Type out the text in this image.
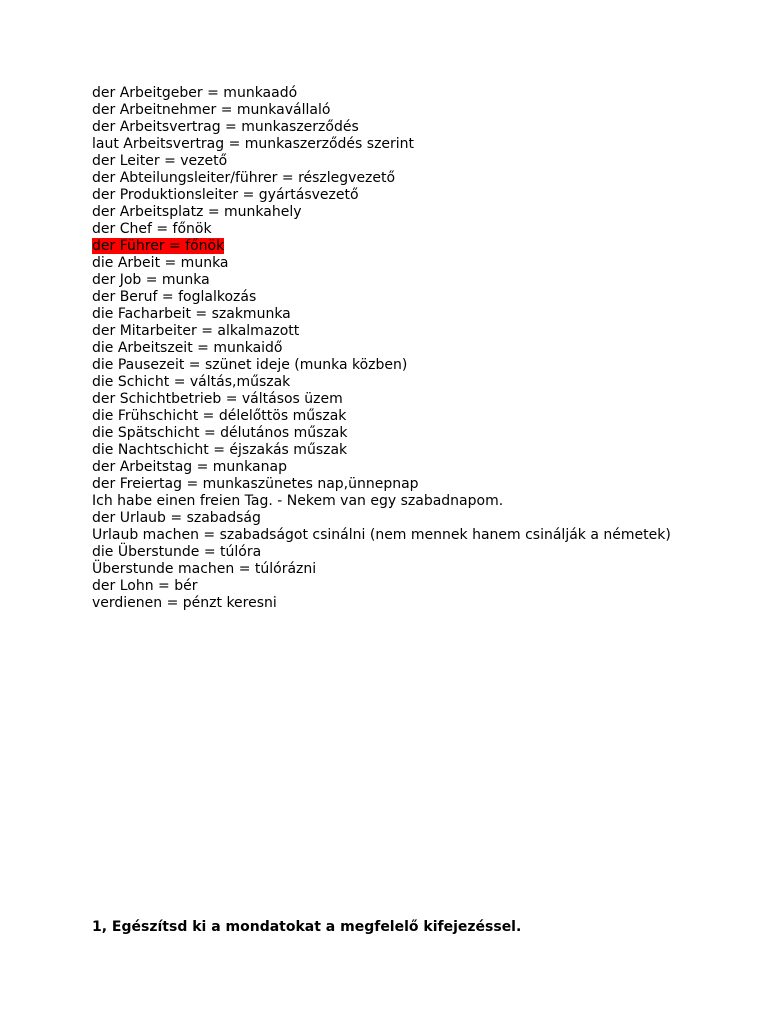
der Arbeitgeber = munkaadó
der Arbeitnehmer = munkavállaló
der Arbeitsvertrag = munkaszerződés
laut Arbeitsvertrag = munkaszerződés szerint
der Leiter = vezető
der Abteilungsleiter/führer = részlegvezető
der Produktionsleiter = gyártásvezető
der Arbeitsplatz = munkahely
der Chef = főnök
der Führer = főnök
die Arbeit = munka
der Job = munka
der Beruf = foglalkozás
die Facharbeit = szakmunka
der Mitarbeiter = alkalmazott
die Arbeitszeit = munkaidő
die Pausezeit = szünet ideje (munka közben)
die Schicht = váltás,műszak
der Schichtbetrieb = váltásos üzem
die Frühschicht = délelőttös műszak
die Spätschicht = délutános műszak
die Nachtschicht = éjszakás műszak
der Arbeitstag = munkanap
der Freiertag = munkaszünetes nap,ünnepnap
Ich habe einen freien Tag. - Nekem van egy szabadnapom.
der Urlaub = szabadság
Urlaub machen = szabadságot csinálni (nem mennek hanem csinálják a németek)
die Überstunde = túlóra
Überstunde machen = túlórázni
der Lohn = bér
verdienen = pénzt keresni
1, Egészítsd ki a mondatokat a megfelelő kifejezéssel.
